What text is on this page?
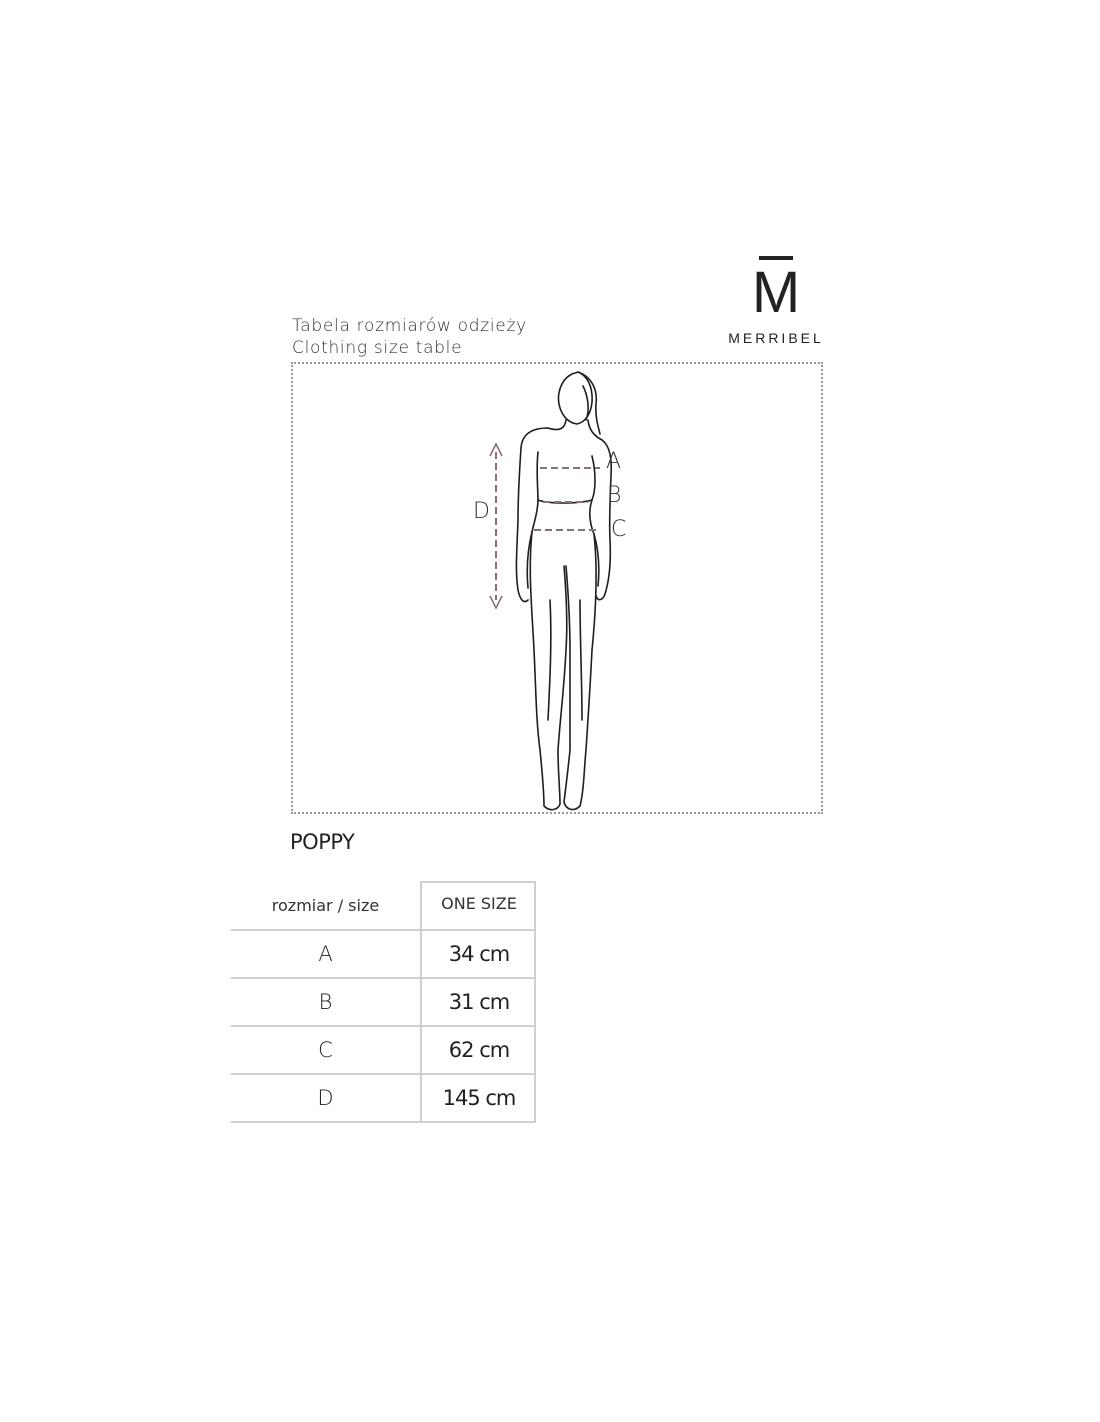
M
MERRIBEL
Tabela rozmiarów odzieży
Clothing size table
A
B
C
D
POPPY
rozmiar / size	ONE SIZE
A	34 cm
B	31 cm
C	62 cm
D	145 cm
